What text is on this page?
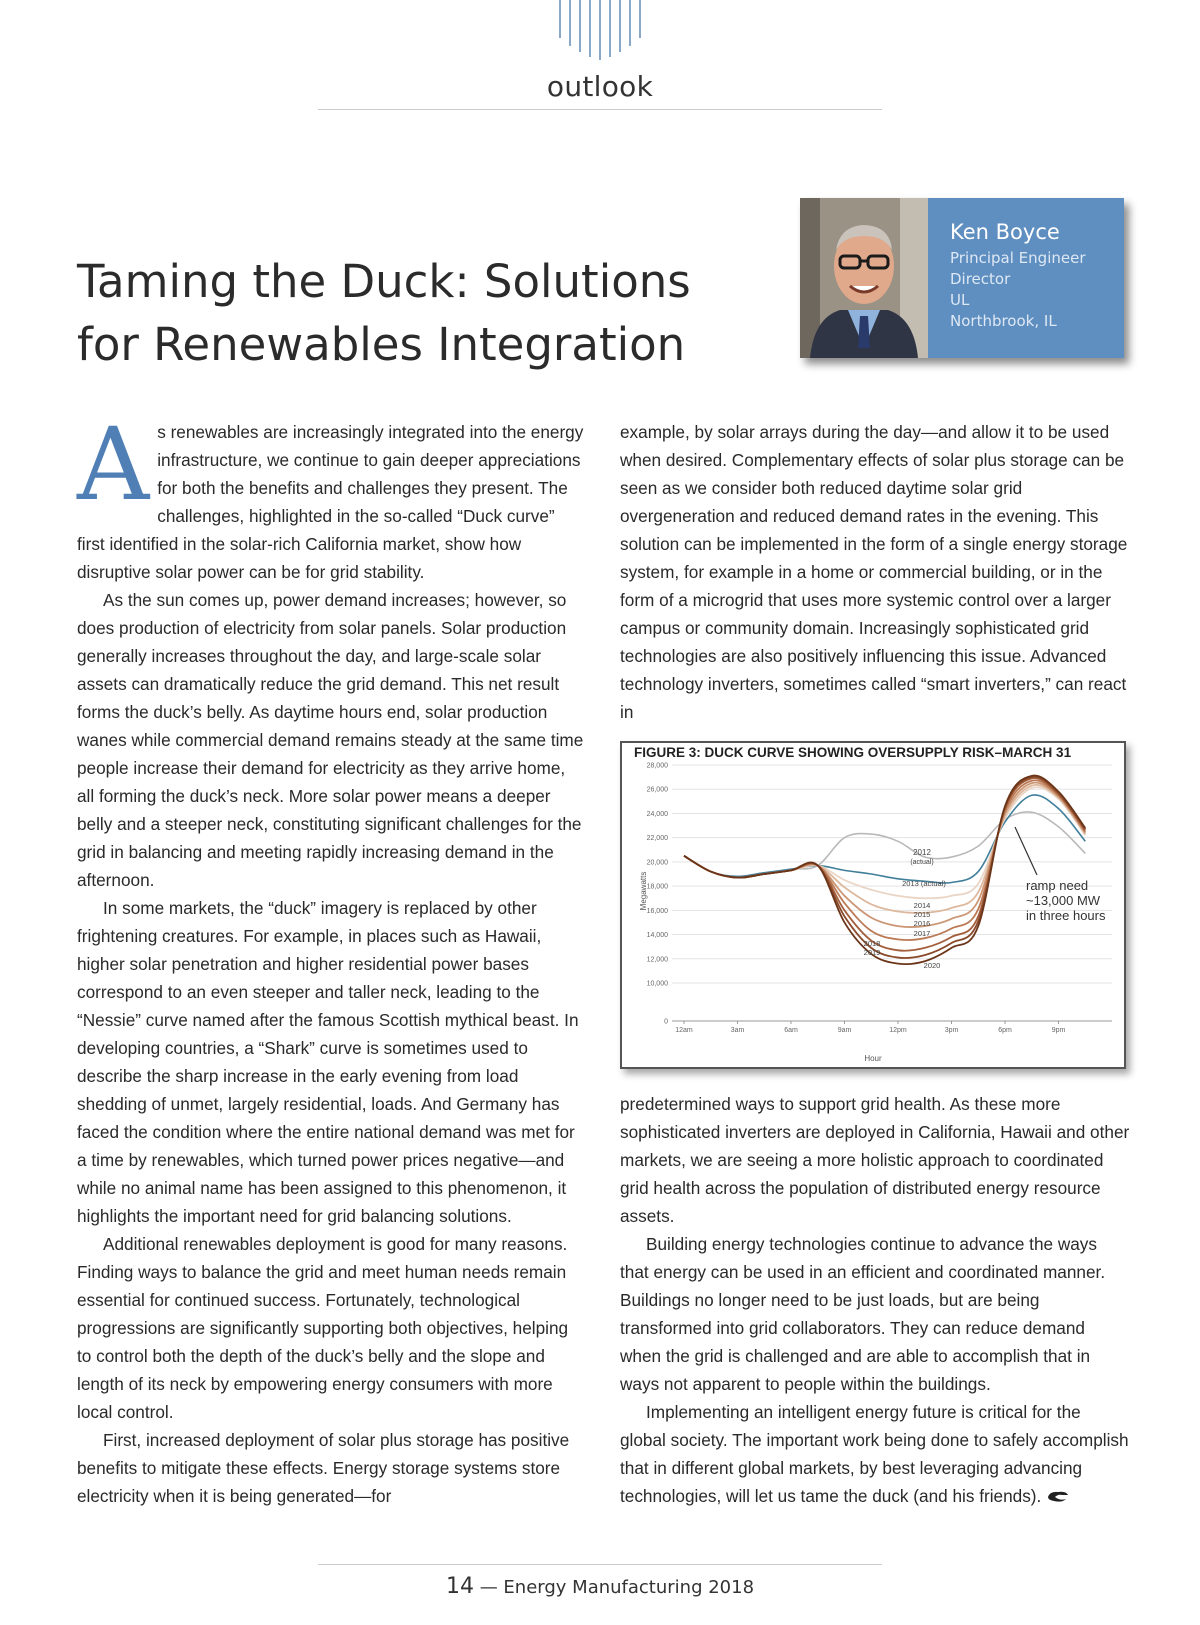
outlook
Taming the Duck: Solutions
for Renewables Integration
Ken Boyce
Principal Engineer
Director
UL
Northbrook, IL

As renewables are increasingly integrated into the energy infrastructure, we continue to gain deeper appreciations for both the benefits and challenges they present. The challenges, highlighted in the so-called “Duck curve” first identified in the solar-rich California market, show how disruptive solar power can be for grid stability.

As the sun comes up, power demand increases; however, so does production of electricity from solar panels. Solar production generally increases throughout the day, and large-scale solar assets can dramatically reduce the grid demand. This net result forms the duck’s belly. As daytime hours end, solar production wanes while commercial demand remains steady at the same time people increase their demand for electricity as they arrive home, all forming the duck’s neck. More solar power means a deeper belly and a steeper neck, constituting significant challenges for the grid in balancing and meeting rapidly increasing demand in the afternoon.

In some markets, the “duck” imagery is replaced by other frightening creatures. For example, in places such as Hawaii, higher solar penetration and higher residential power bases correspond to an even steeper and taller neck, leading to the “Nessie” curve named after the famous Scottish mythical beast. In developing countries, a “Shark” curve is sometimes used to describe the sharp increase in the early evening from load shedding of unmet, largely residential, loads. And Germany has faced the condition where the entire national demand was met for a time by renewables, which turned power prices negative—and while no animal name has been assigned to this phenomenon, it highlights the important need for grid balancing solutions.

Additional renewables deployment is good for many reasons. Finding ways to balance the grid and meet human needs remain essential for continued success. Fortunately, technological progressions are significantly supporting both objectives, helping to control both the depth of the duck’s belly and the slope and length of its neck by empowering energy consumers with more local control.

First, increased deployment of solar plus storage has positive benefits to mitigate these effects. Energy storage systems store electricity when it is being generated—for

example, by solar arrays during the day—and allow it to be used when desired. Complementary effects of solar plus storage can be seen as we consider both reduced daytime solar grid overgeneration and reduced demand rates in the evening. This solution can be implemented in the form of a single energy storage system, for example in a home or commercial building, or in the form of a microgrid that uses more systemic control over a larger campus or community domain. Increasingly sophisticated grid technologies are also positively influencing this issue. Advanced technology inverters, sometimes called “smart inverters,” can react in

FIGURE 3: DUCK CURVE SHOWING OVERSUPPLY RISK–MARCH 31
Megawatts
Hour
0
10,000
12,000
14,000
16,000
18,000
20,000
22,000
24,000
26,000
28,000
12am	3am	6am	9am	12pm	3pm	6pm	9pm
2012
(actual)
2013 (actual)
2014
2015
2016
2017
2018
2019
2020
ramp need
~13,000 MW
in three hours

predetermined ways to support grid health. As these more sophisticated inverters are deployed in California, Hawaii and other markets, we are seeing a more holistic approach to coordinated grid health across the population of distributed energy resource assets.

Building energy technologies continue to advance the ways that energy can be used in an efficient and coordinated manner. Buildings no longer need to be just loads, but are being transformed into grid collaborators. They can reduce demand when the grid is challenged and are able to accomplish that in ways not apparent to people within the buildings.

Implementing an intelligent energy future is critical for the global society. The important work being done to safely accomplish that in different global markets, by best leveraging advancing technologies, will let us tame the duck (and his friends).

14 — Energy Manufacturing 2018
